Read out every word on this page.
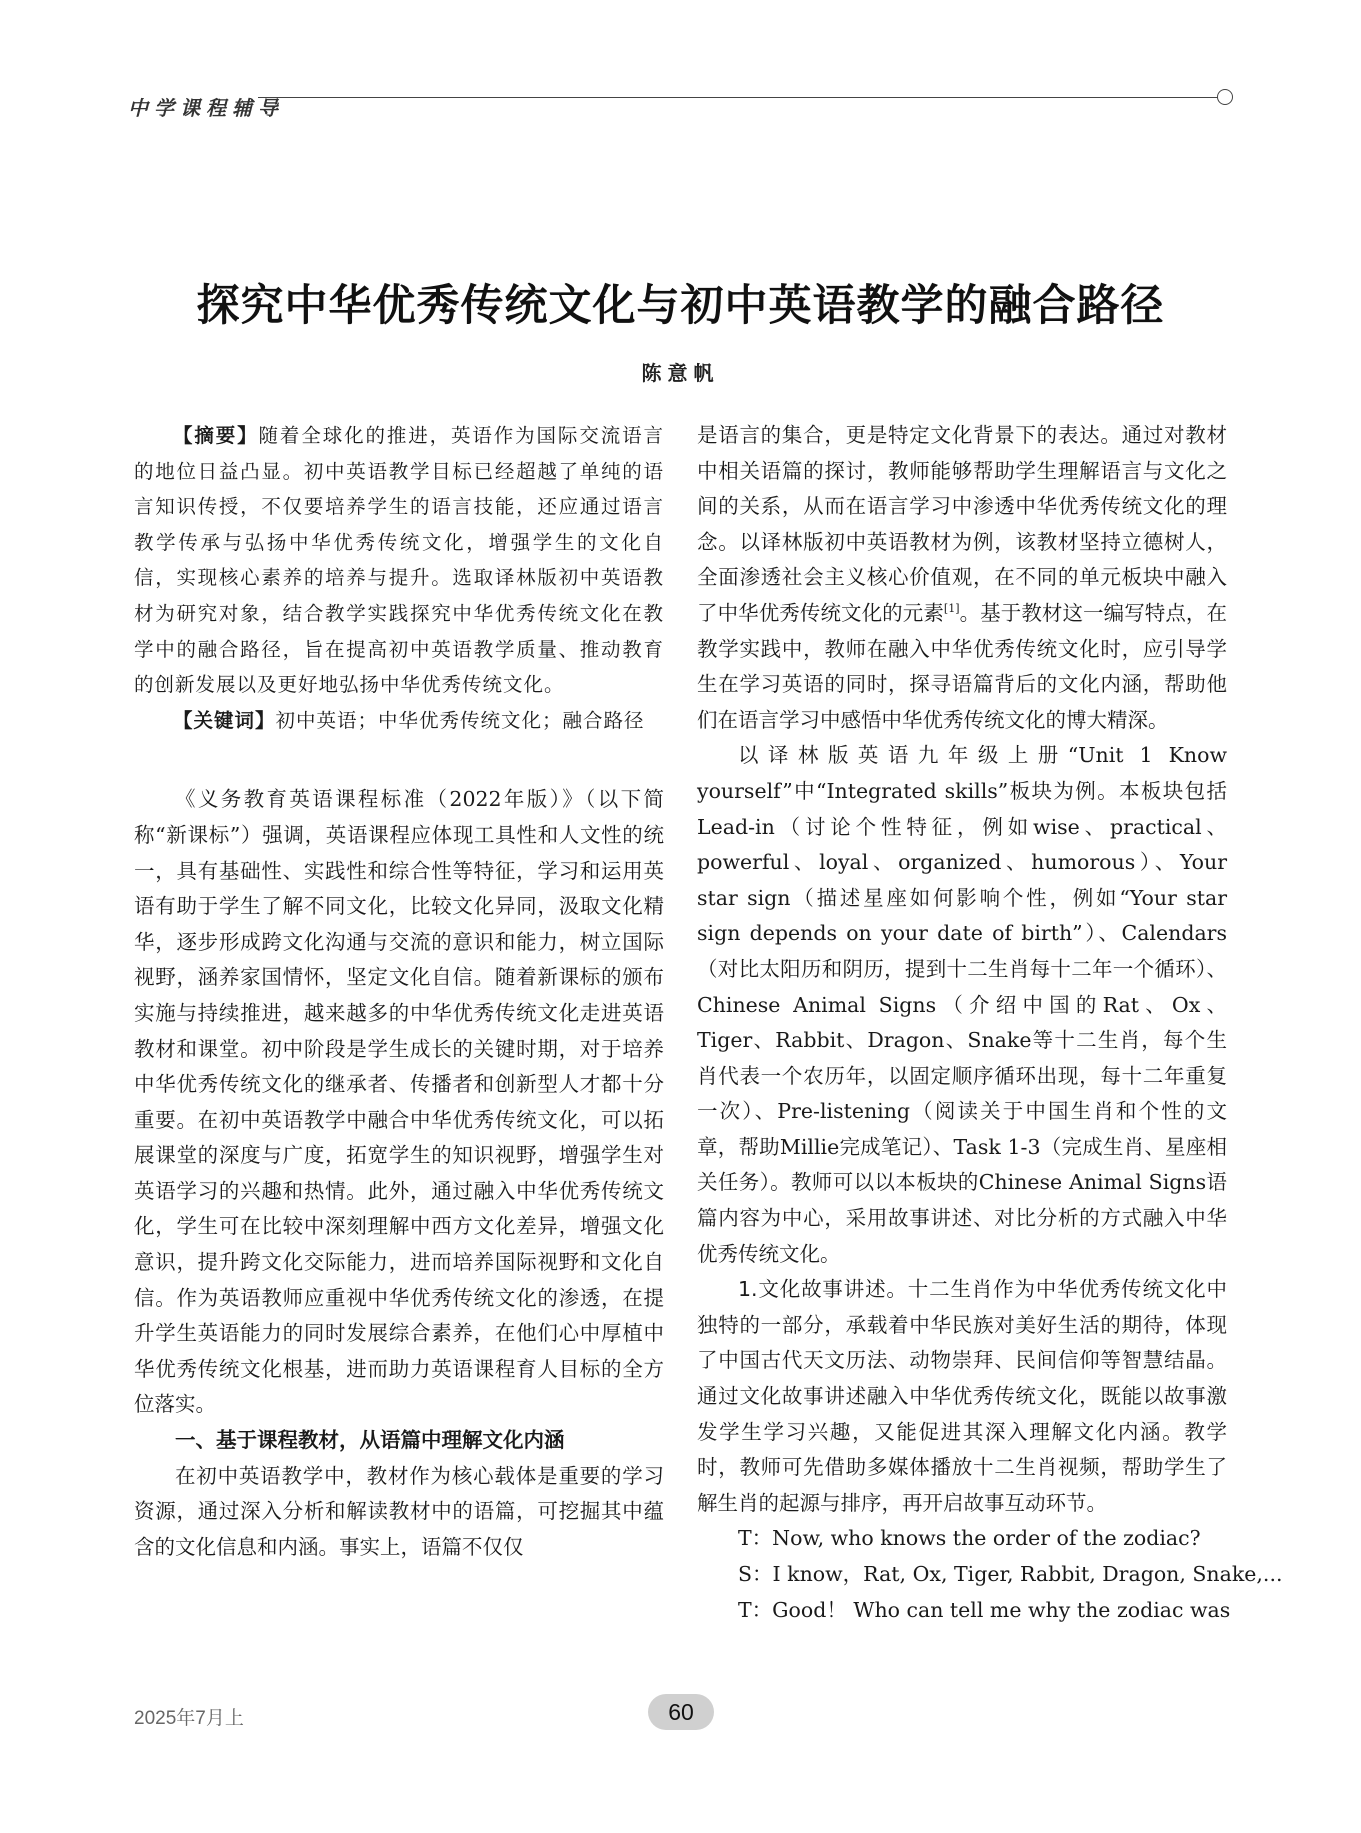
中学课程辅导
探究中华优秀传统文化与初中英语教学的融合路径
陈意帆

【摘要】随着全球化的推进，英语作为国际交流语言的地位日益凸显。初中英语教学目标已经超越了单纯的语言知识传授，不仅要培养学生的语言技能，还应通过语言教学传承与弘扬中华优秀传统文化，增强学生的文化自信，实现核心素养的培养与提升。选取译林版初中英语教材为研究对象，结合教学实践探究中华优秀传统文化在教学中的融合路径，旨在提高初中英语教学质量、推动教育的创新发展以及更好地弘扬中华优秀传统文化。

【关键词】初中英语；中华优秀传统文化；融合路径

《义务教育英语课程标准（2022年版）》（以下简称“新课标”）强调，英语课程应体现工具性和人文性的统一，具有基础性、实践性和综合性等特征，学习和运用英语有助于学生了解不同文化，比较文化异同，汲取文化精华，逐步形成跨文化沟通与交流的意识和能力，树立国际视野，涵养家国情怀，坚定文化自信。随着新课标的颁布实施与持续推进，越来越多的中华优秀传统文化走进英语教材和课堂。初中阶段是学生成长的关键时期，对于培养中华优秀传统文化的继承者、传播者和创新型人才都十分重要。在初中英语教学中融合中华优秀传统文化，可以拓展课堂的深度与广度，拓宽学生的知识视野，增强学生对英语学习的兴趣和热情。此外，通过融入中华优秀传统文化，学生可在比较中深刻理解中西方文化差异，增强文化意识，提升跨文化交际能力，进而培养国际视野和文化自信。作为英语教师应重视中华优秀传统文化的渗透，在提升学生英语能力的同时发展综合素养，在他们心中厚植中华优秀传统文化根基，进而助力英语课程育人目标的全方位落实。

一、基于课程教材，从语篇中理解文化内涵

在初中英语教学中，教材作为核心载体是重要的学习资源，通过深入分析和解读教材中的语篇，可挖掘其中蕴含的文化信息和内涵。事实上，语篇不仅仅

是语言的集合，更是特定文化背景下的表达。通过对教材中相关语篇的探讨，教师能够帮助学生理解语言与文化之间的关系，从而在语言学习中渗透中华优秀传统文化的理念。以译林版初中英语教材为例，该教材坚持立德树人，全面渗透社会主义核心价值观，在不同的单元板块中融入了中华优秀传统文化的元素[1]。基于教材这一编写特点，在教学实践中，教师在融入中华优秀传统文化时，应引导学生在学习英语的同时，探寻语篇背后的文化内涵，帮助他们在语言学习中感悟中华优秀传统文化的博大精深。

以译林版英语九年级上册“Unit 1 Know yourself”中“Integrated skills”板块为例。本板块包括Lead-in（讨论个性特征，例如wise、practical、powerful、loyal、organized、humorous）、Your star sign（描述星座如何影响个性，例如“Your star sign depends on your date of birth”）、Calendars（对比太阳历和阴历，提到十二生肖每十二年一个循环）、Chinese Animal Signs（介绍中国的Rat、Ox、Tiger、Rabbit、Dragon、Snake等十二生肖，每个生肖代表一个农历年，以固定顺序循环出现，每十二年重复一次）、Pre-listening（阅读关于中国生肖和个性的文章，帮助Millie完成笔记）、Task 1-3（完成生肖、星座相关任务）。教师可以以本板块的Chinese Animal Signs语篇内容为中心，采用故事讲述、对比分析的方式融入中华优秀传统文化。

1.文化故事讲述。十二生肖作为中华优秀传统文化中独特的一部分，承载着中华民族对美好生活的期待，体现了中国古代天文历法、动物崇拜、民间信仰等智慧结晶。通过文化故事讲述融入中华优秀传统文化，既能以故事激发学生学习兴趣，又能促进其深入理解文化内涵。教学时，教师可先借助多媒体播放十二生肖视频，帮助学生了解生肖的起源与排序，再开启故事互动环节。

T：Now, who knows the order of the zodiac?

S：I know，Rat, Ox, Tiger, Rabbit, Dragon, Snake,...

T：Good！ Who can tell me why the zodiac was

2025年7月上	60
